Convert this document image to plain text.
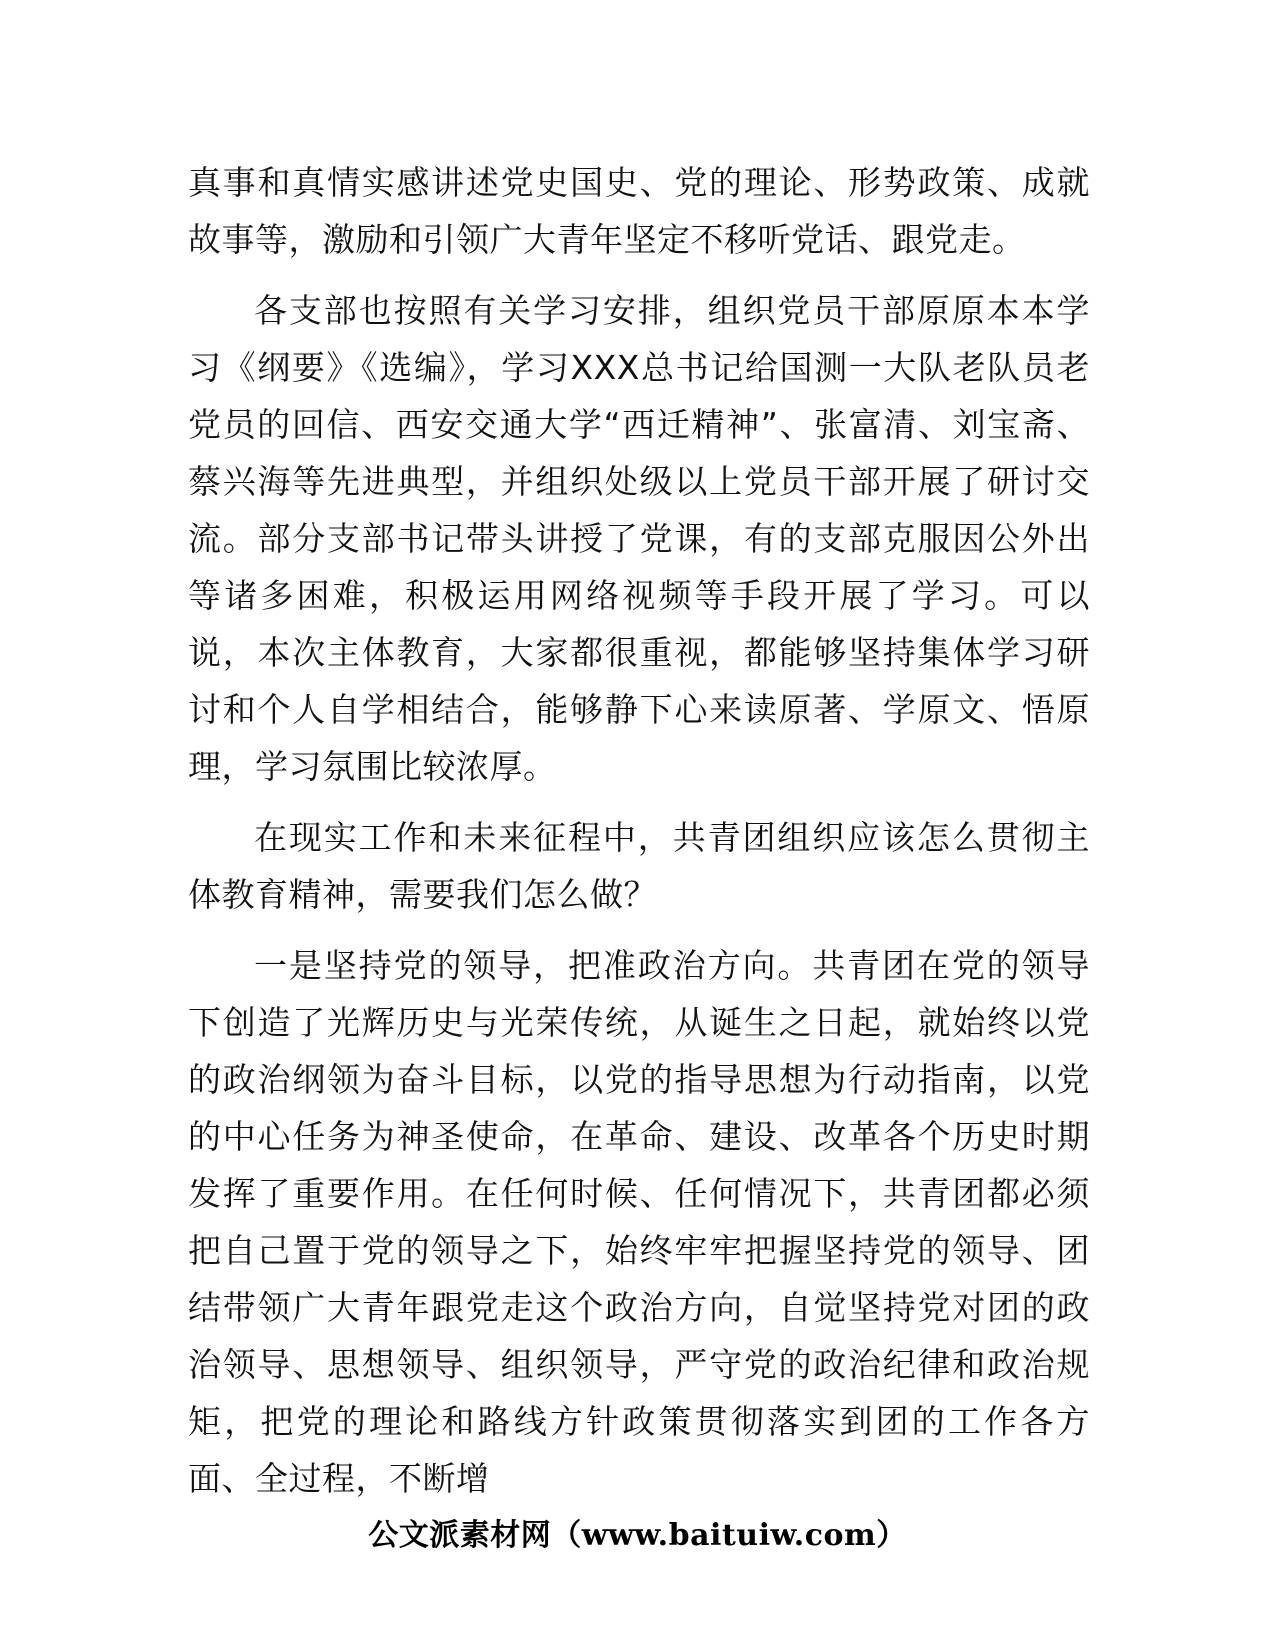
真事和真情实感讲述党史国史、党的理论、形势政策、成就故事等，激励和引领广大青年坚定不移听党话、跟党走。

各支部也按照有关学习安排，组织党员干部原原本本学习《纲要》《选编》，学习XXX总书记给国测一大队老队员老党员的回信、西安交通大学“西迁精神”、张富清、刘宝斋、蔡兴海等先进典型，并组织处级以上党员干部开展了研讨交流。部分支部书记带头讲授了党课，有的支部克服因公外出等诸多困难，积极运用网络视频等手段开展了学习。可以说，本次主体教育，大家都很重视，都能够坚持集体学习研讨和个人自学相结合，能够静下心来读原著、学原文、悟原理，学习氛围比较浓厚。

在现实工作和未来征程中，共青团组织应该怎么贯彻主体教育精神，需要我们怎么做？

一是坚持党的领导，把准政治方向。共青团在党的领导下创造了光辉历史与光荣传统，从诞生之日起，就始终以党的政治纲领为奋斗目标，以党的指导思想为行动指南，以党的中心任务为神圣使命，在革命、建设、改革各个历史时期发挥了重要作用。在任何时候、任何情况下，共青团都必须把自己置于党的领导之下，始终牢牢把握坚持党的领导、团结带领广大青年跟党走这个政治方向，自觉坚持党对团的政治领导、思想领导、组织领导，严守党的政治纪律和政治规矩，把党的理论和路线方针政策贯彻落实到团的工作各方面、全过程，不断增

公文派素材网（www.baituiw.com）
